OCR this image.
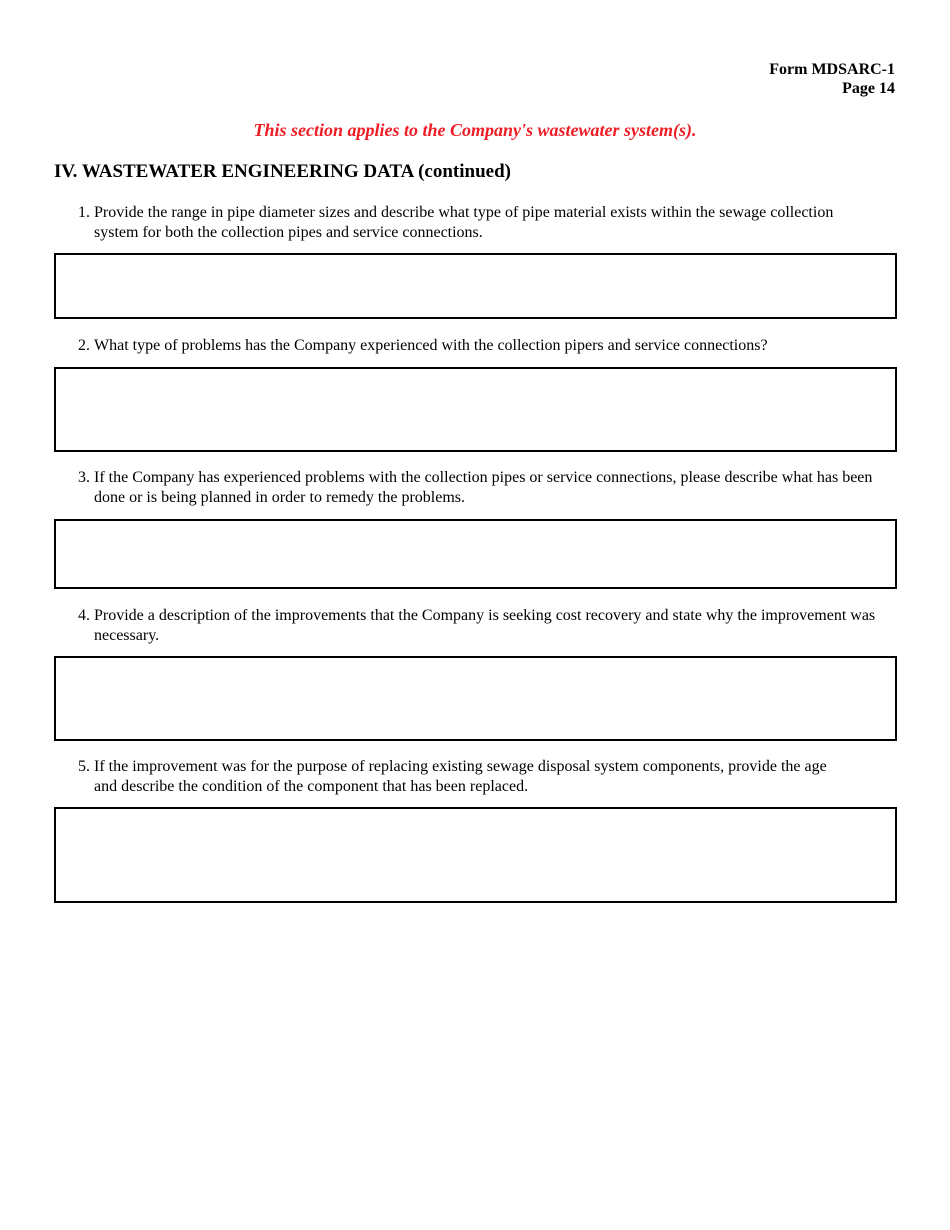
Form MDSARC-1
Page 14
This section applies to the Company's wastewater system(s).
IV. WASTEWATER ENGINEERING DATA (continued)
1. Provide the range in pipe diameter sizes and describe what type of pipe material exists within the sewage collection system for both the collection pipes and service connections.
2. What type of problems has the Company experienced with the collection pipers and service connections?
3. If the Company has experienced problems with the collection pipes or service connections, please describe what has been done or is being planned in order to remedy the problems.
4. Provide a description of the improvements that the Company is seeking cost recovery and state why the improvement was necessary.
5. If the improvement was for the purpose of replacing existing sewage disposal system components, provide the age and describe the condition of the component that has been replaced.
